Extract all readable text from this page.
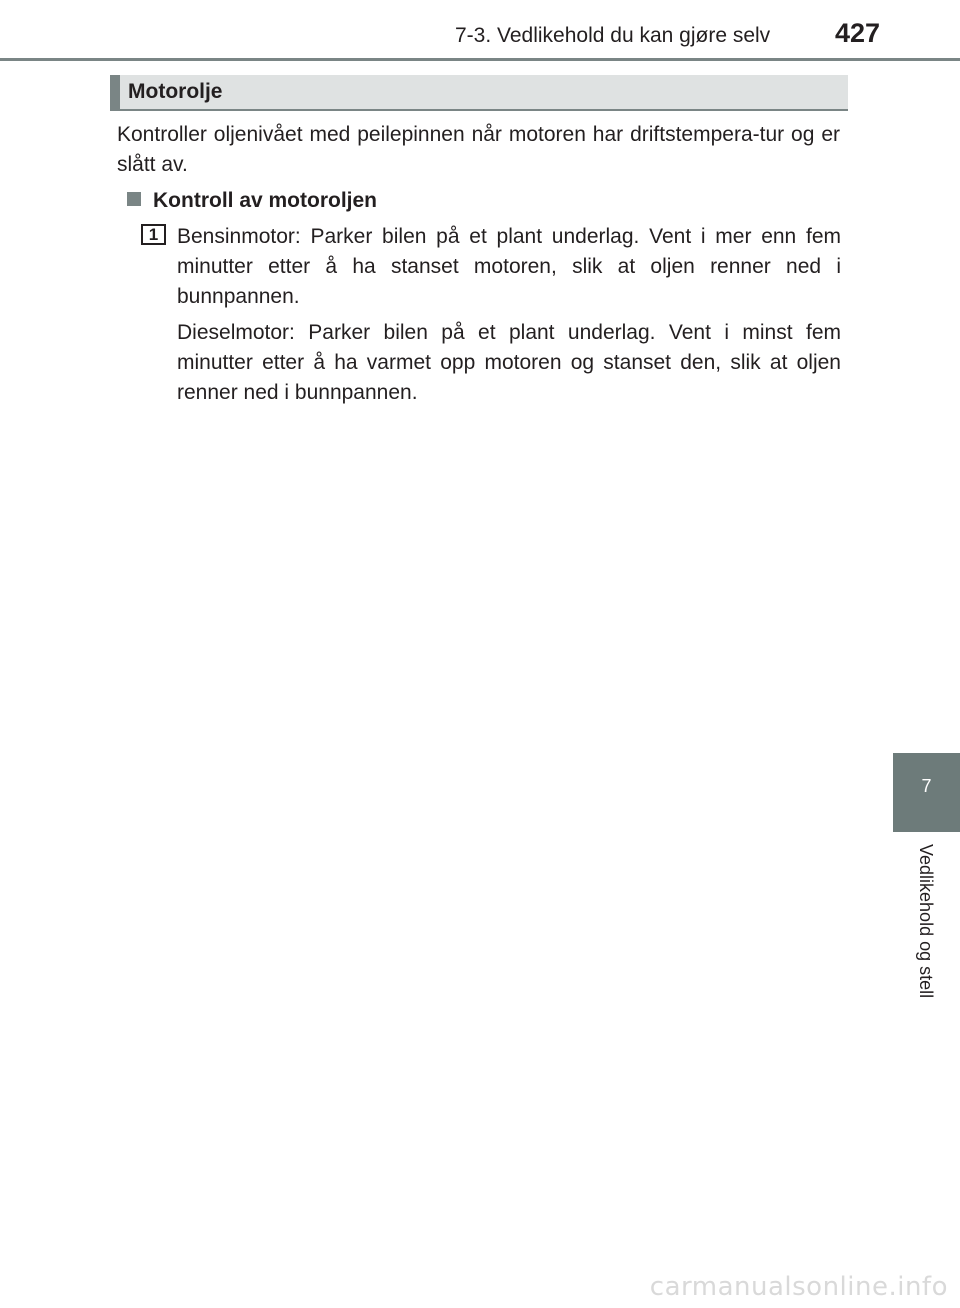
7-3. Vedlikehold du kan gjøre selv 427
Motorolje

Kontroller oljenivået med peilepinnen når motoren har driftstempera-tur og er slått av.

Kontroll av motoroljen
1 Bensinmotor: Parker bilen på et plant underlag. Vent i mer enn fem minutter etter å ha stanset motoren, slik at oljen renner ned i bunnpannen.

Dieselmotor: Parker bilen på et plant underlag. Vent i minst fem minutter etter å ha varmet opp motoren og stanset den, slik at oljen renner ned i bunnpannen.

7
Vedlikehold og stell
carmanualsonline.info
